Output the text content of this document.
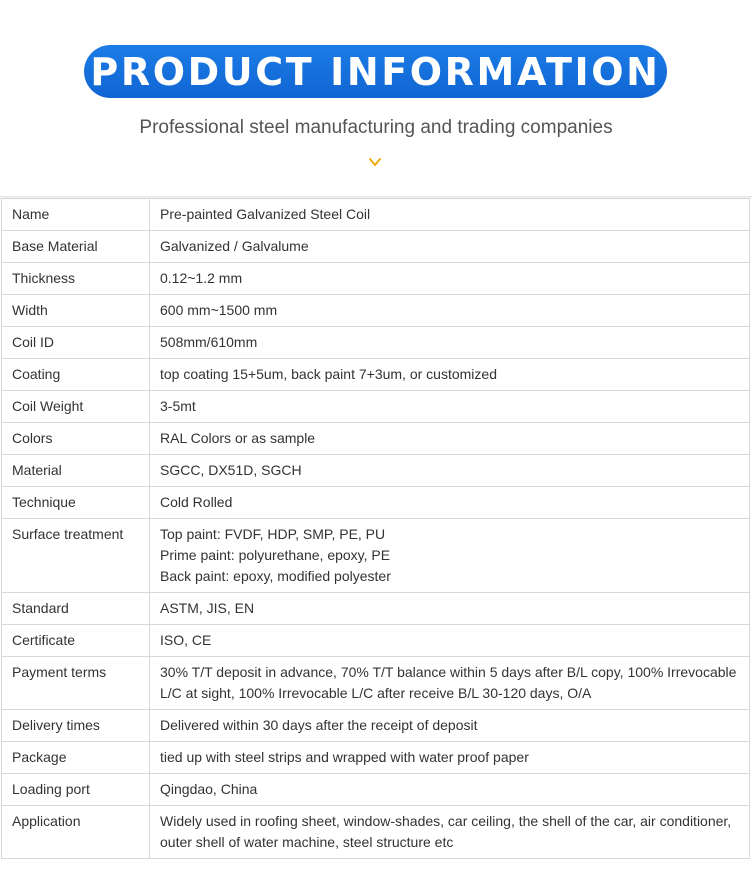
PRODUCT INFORMATION
Professional steel manufacturing and trading companies
Name	Pre-painted Galvanized Steel Coil

Base Material	Galvanized / Galvalume

Thickness	0.12~1.2 mm

Width	600 mm~1500 mm

Coil ID	508mm/610mm

Coating	top coating 15+5um, back paint 7+3um, or customized

Coil Weight	3-5mt

Colors	RAL Colors or as sample

Material	SGCC, DX51D, SGCH

Technique	Cold Rolled

Surface treatment	Top paint: FVDF, HDP, SMP, PE, PU
Prime paint: polyurethane, epoxy, PE
Back paint: epoxy, modified polyester

Standard	ASTM, JIS, EN

Certificate	ISO, CE

Payment terms	30% T/T deposit in advance, 70% T/T balance within 5 days after B/L copy, 100% Irrevocable
L/C at sight, 100% Irrevocable L/C after receive B/L 30-120 days, O/A

Delivery times	Delivered within 30 days after the receipt of deposit

Package	tied up with steel strips and wrapped with water proof paper

Loading port	Qingdao, China

Application	Widely used in roofing sheet, window-shades, car ceiling, the shell of the car, air conditioner,
outer shell of water machine, steel structure etc
